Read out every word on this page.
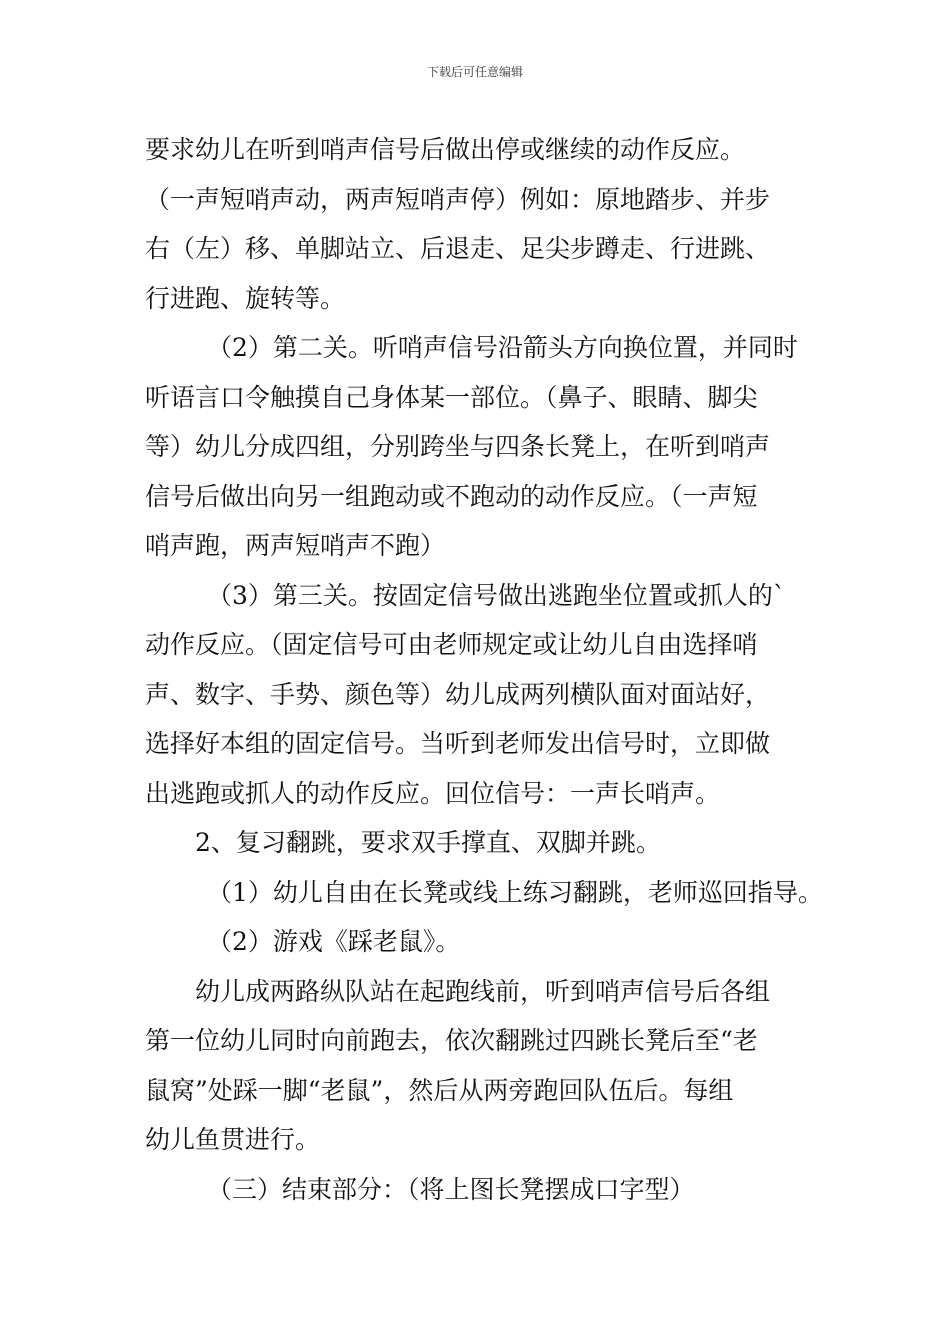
下载后可任意编辑
要求幼儿在听到哨声信号后做出停或继续的动作反应。
（一声短哨声动，两声短哨声停）例如：原地踏步、并步
右（左）移、单脚站立、后退走、足尖步蹲走、行进跳、
行进跑、旋转等。
（2）第二关。听哨声信号沿箭头方向换位置，并同时
听语言口令触摸自己身体某一部位。（鼻子、眼睛、脚尖
等）幼儿分成四组，分别跨坐与四条长凳上，在听到哨声
信号后做出向另一组跑动或不跑动的动作反应。（一声短
哨声跑，两声短哨声不跑）
（3）第三关。按固定信号做出逃跑坐位置或抓人的`
动作反应。（固定信号可由老师规定或让幼儿自由选择哨
声、数字、手势、颜色等）幼儿成两列横队面对面站好，
选择好本组的固定信号。当听到老师发出信号时，立即做
出逃跑或抓人的动作反应。回位信号：一声长哨声。
2、复习翻跳，要求双手撑直、双脚并跳。
（1）幼儿自由在长凳或线上练习翻跳，老师巡回指导。
（2）游戏《踩老鼠》。
幼儿成两路纵队站在起跑线前，听到哨声信号后各组
第一位幼儿同时向前跑去，依次翻跳过四跳长凳后至“老
鼠窝”处踩一脚“老鼠”，然后从两旁跑回队伍后。每组
幼儿鱼贯进行。
（三）结束部分：（将上图长凳摆成口字型）
